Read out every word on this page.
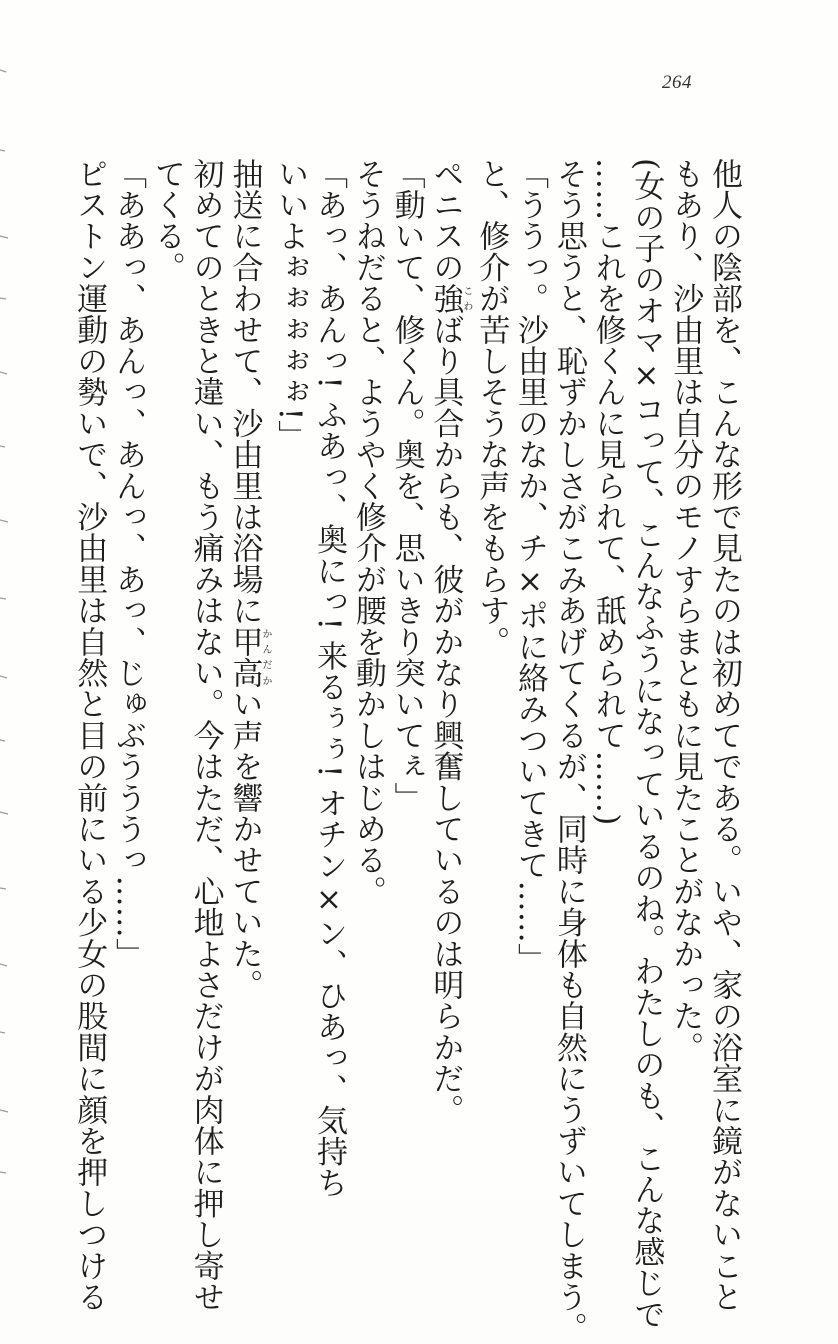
264
他人の陰部を、こんな形で見たのは初めてである。いや、家の浴室に鏡がないこと
もあり、沙由里は自分のモノすらまともに見たことがなかった。
(女の子のオマ×コって、こんなふうになっているのね。わたしのも、こんな感じで
……これを修くんに見られて、舐められて……)
そう思うと、恥ずかしさがこみあげてくるが、同時に身体も自然にうずいてしまう。
「ううっ。沙由里のなか、チ×ポに絡みついてきて……」
と、修介が苦しそうな声をもらす。
ペニスの強こわばり具合からも、彼がかなり興奮しているのは明らかだ。
「動いて、修くん。奥を、思いきり突いてぇ」
そうねだると、ようやく修介が腰を動かしはじめる。
「あっ、あんっ! ふあっ、奥にっ! 来るぅぅ! オチン×ン、ひあっ、気持ち
いいよぉぉぉぉぉ!」
抽送に合わせて、沙由里は浴場に甲高かんだかい声を響かせていた。
初めてのときと違い、もう痛みはない。今はただ、心地よさだけが肉体に押し寄せ
てくる。
「ああっ、あんっ、あんっ、あっ、じゅぶうううっ……」
ピストン運動の勢いで、沙由里は自然と目の前にいる少女の股間に顔を押しつける
